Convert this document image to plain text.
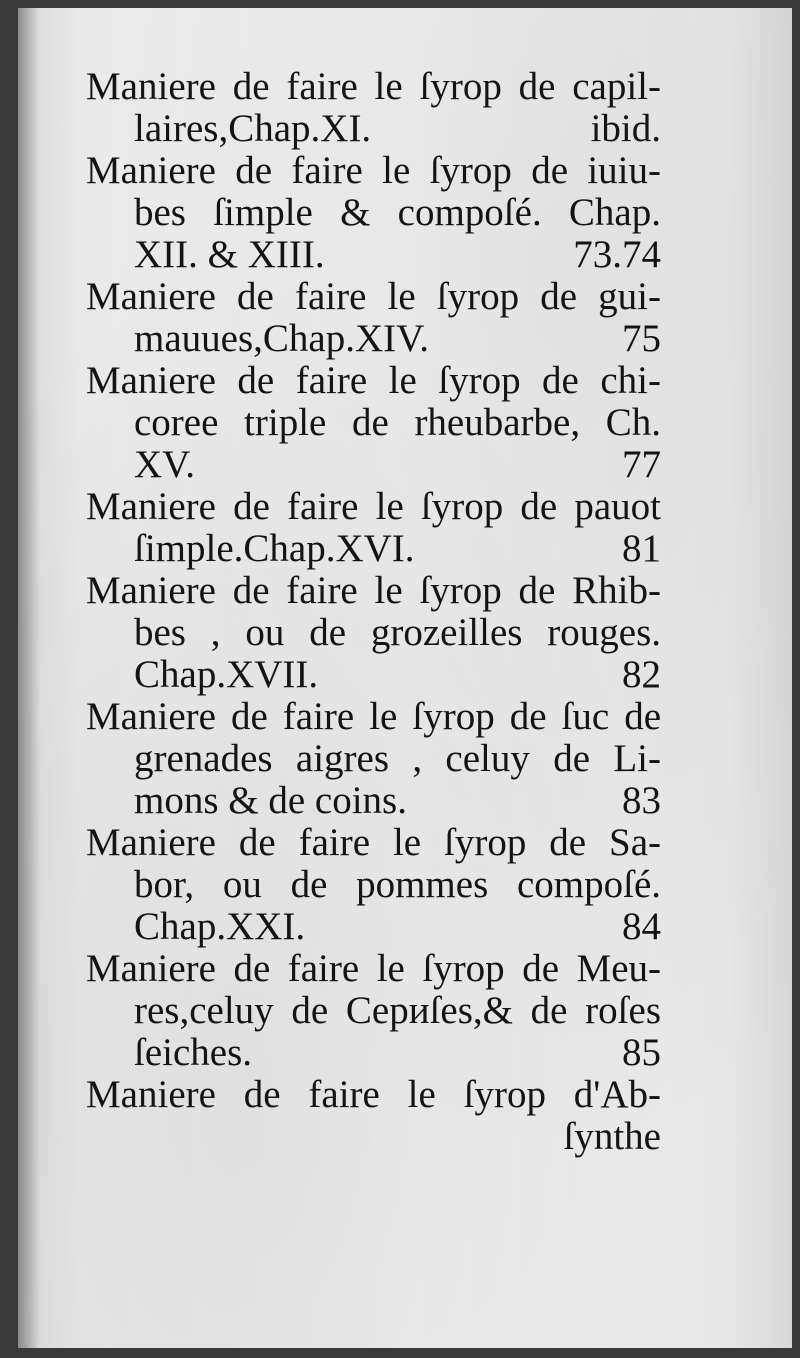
Maniere de faire le ſyrop de capil-
laires,Chap.XI.	ibid.
Maniere de faire le ſyrop de iuiu-
bes ſimple & compoſé. Chap.
XII. & XIII.	73.74
Maniere de faire le ſyrop de gui-
mauues,Chap.XIV.	75
Maniere de faire le ſyrop de chi-
coree triple de rheubarbe, Ch.
XV.	77
Maniere de faire le ſyrop de pauot
ſimple.Chap.XVI.	81
Maniere de faire le ſyrop de Rhib-
bes , ou de grozeilles rouges.
Chap.XVII.	82
Maniere de faire le ſyrop de ſuc de
grenades aigres , celuy de Li-
mons & de coins.	83
Maniere de faire le ſyrop de Sa-
bor, ou de pommes compoſé.
Chap.XXI.	84
Maniere de faire le ſyrop de Meu-
res,celuy de Cериſes,& de roſes
ſeiches.	85
Maniere de faire le ſyrop d'Ab-
ſynthe
